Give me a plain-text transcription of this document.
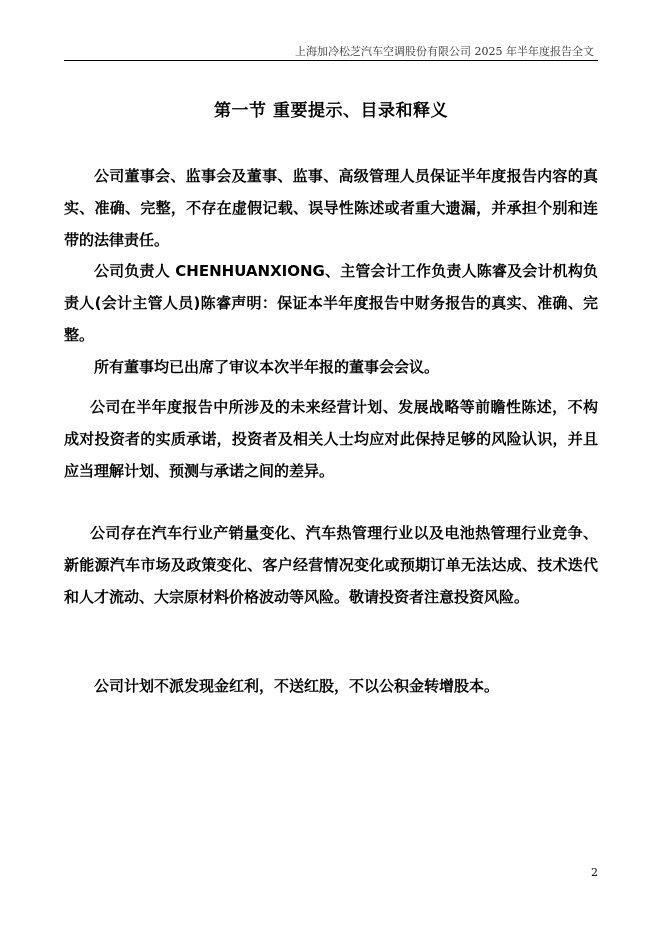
上海加冷松芝汽车空调股份有限公司 2025 年半年度报告全文
第一节 重要提示、目录和释义

公司董事会、监事会及董事、监事、高级管理人员保证半年度报告内容的真实、准确、完整，不存在虚假记载、误导性陈述或者重大遗漏，并承担个别和连带的法律责任。

公司负责人 CHENHUANXIONG、主管会计工作负责人陈睿及会计机构负责人(会计主管人员)陈睿声明：保证本半年度报告中财务报告的真实、准确、完整。

所有董事均已出席了审议本次半年报的董事会会议。

公司在半年度报告中所涉及的未来经营计划、发展战略等前瞻性陈述，不构成对投资者的实质承诺，投资者及相关人士均应对此保持足够的风险认识，并且应当理解计划、预测与承诺之间的差异。

公司存在汽车行业产销量变化、汽车热管理行业以及电池热管理行业竞争、新能源汽车市场及政策变化、客户经营情况变化或预期订单无法达成、技术迭代和人才流动、大宗原材料价格波动等风险。敬请投资者注意投资风险。

公司计划不派发现金红利，不送红股，不以公积金转增股本。

2
